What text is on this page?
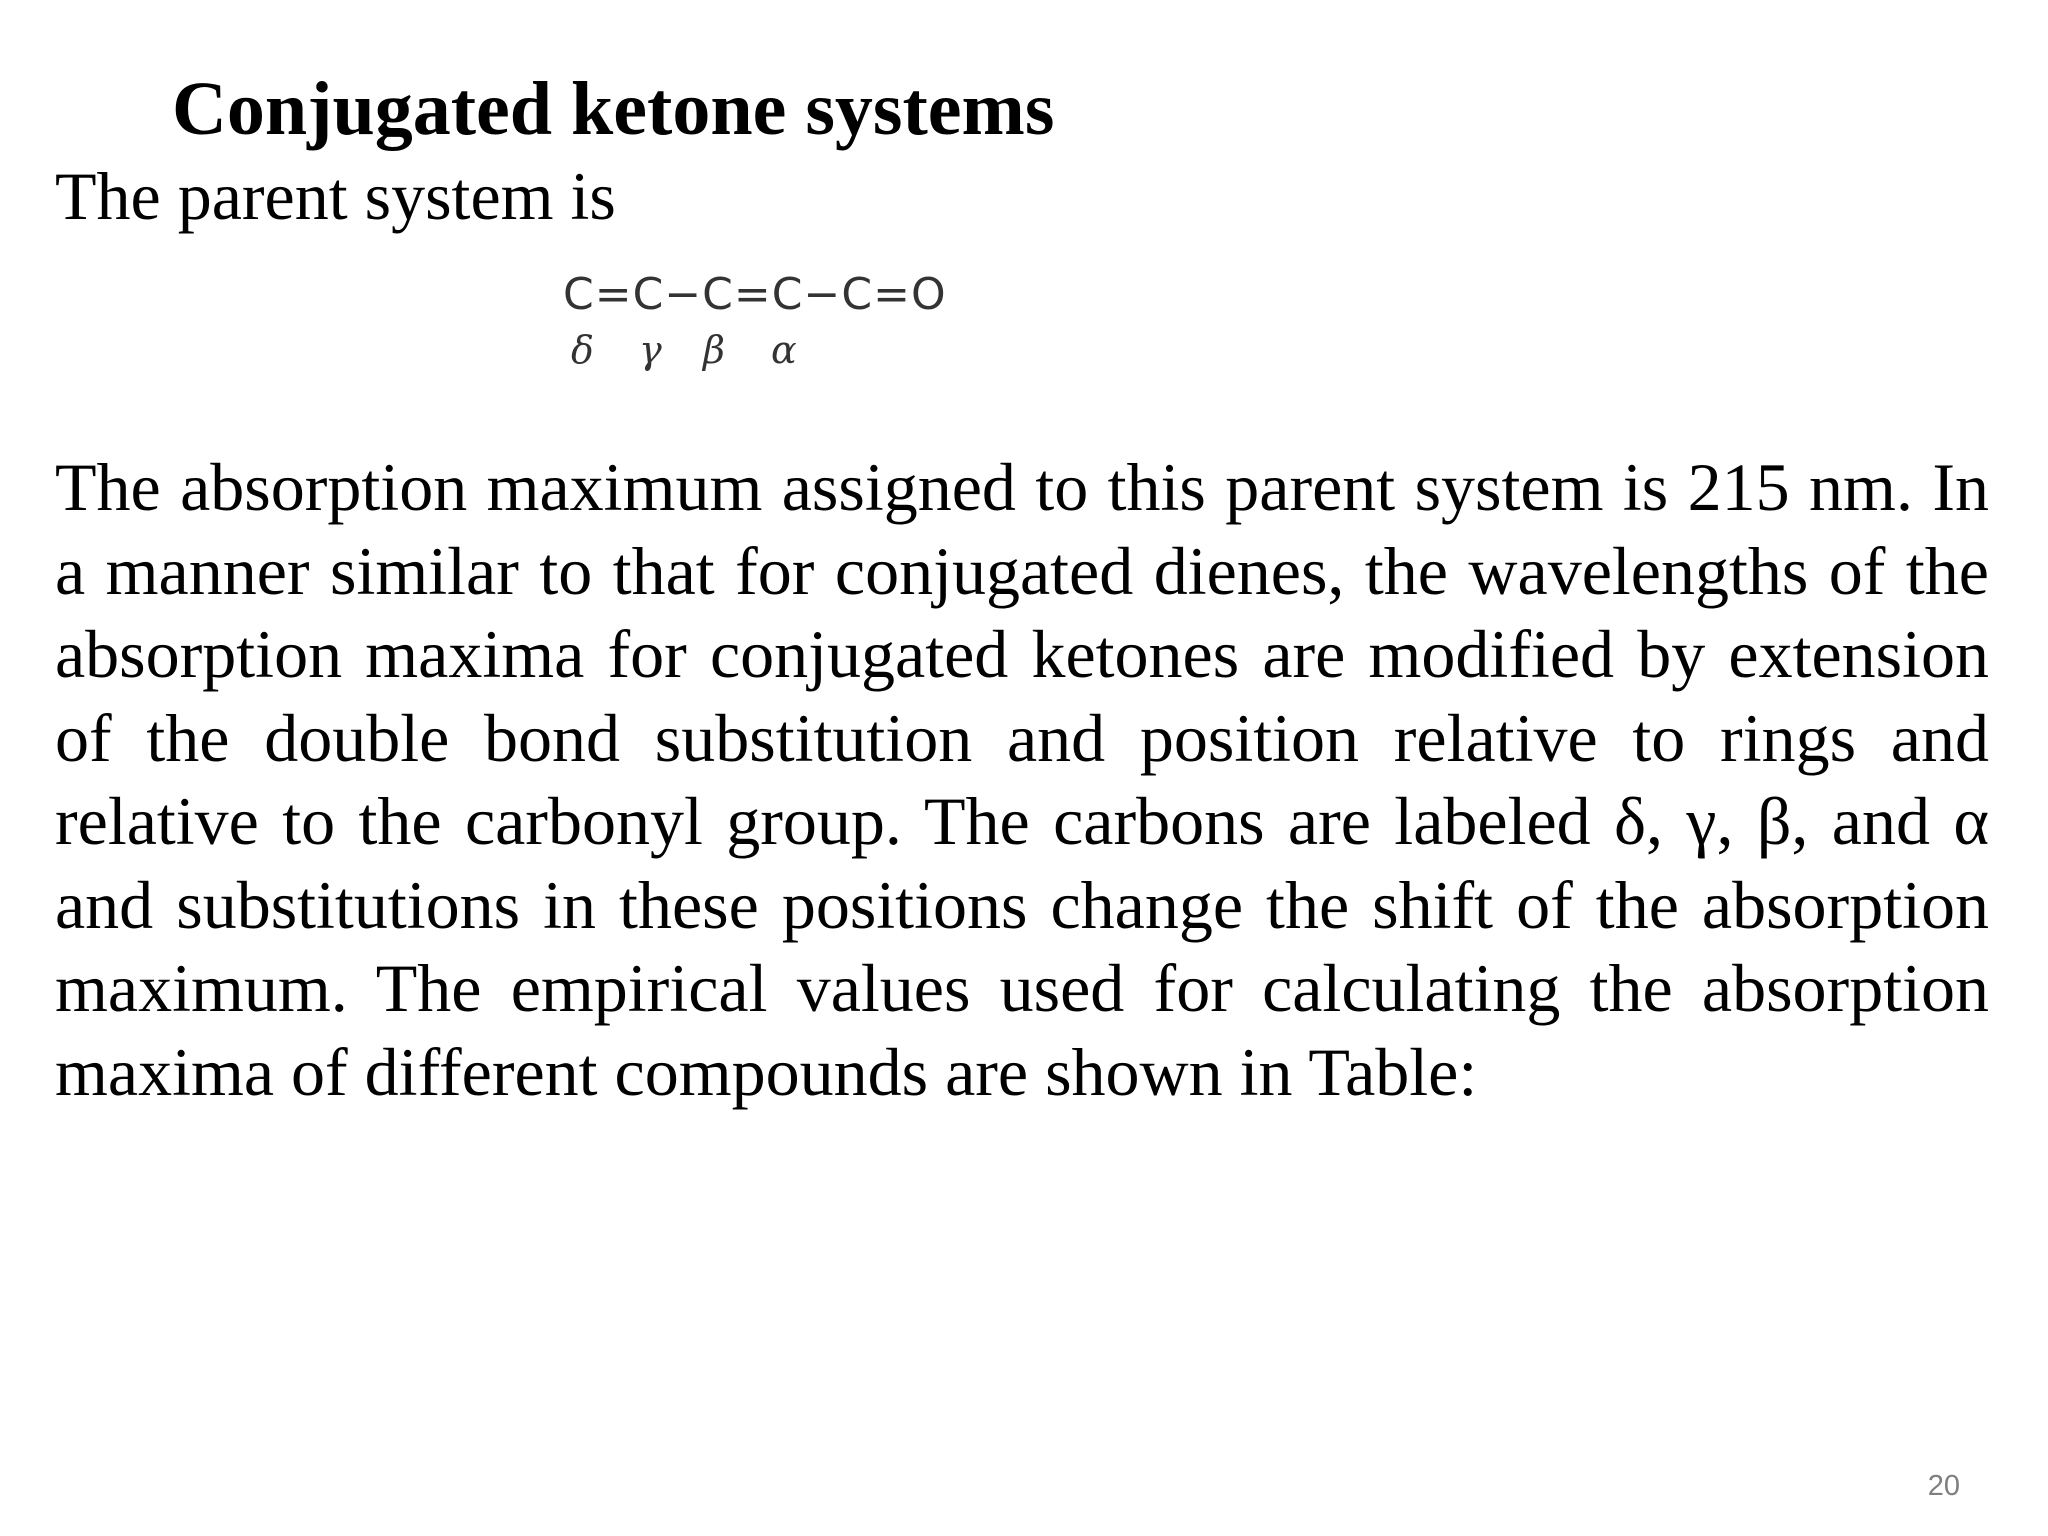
Conjugated ketone systems
The parent system is
C=C−C=C−C=O
δ γ β α
The absorption maximum assigned to this parent system is 215 nm. In a manner similar to that for conjugated dienes, the wavelengths of the absorption maxima for conjugated ketones are modified by extension of the double bond substitution and position relative to rings and relative to the carbonyl group. The carbons are labeled δ, γ, β, and α and substitutions in these positions change the shift of the absorption maximum. The empirical values used for calculating the absorption maxima of different compounds are shown in Table:
20
